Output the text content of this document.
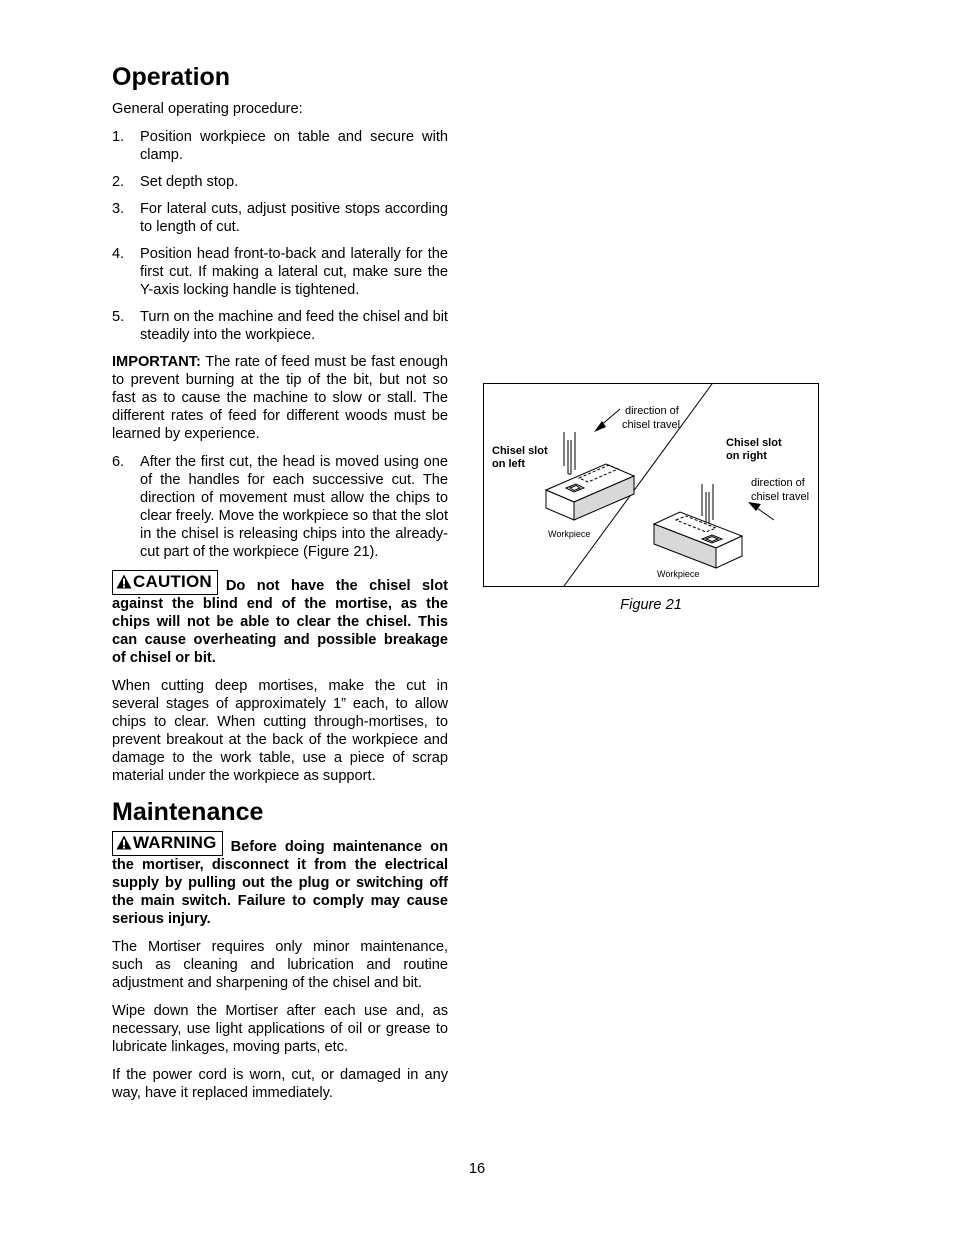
Operation

General operating procedure:

1. Position workpiece on table and secure with clamp.
2. Set depth stop.
3. For lateral cuts, adjust positive stops according to length of cut.
4. Position head front-to-back and laterally for the first cut. If making a lateral cut, make sure the Y-axis locking handle is tightened.
5. Turn on the machine and feed the chisel and bit steadily into the workpiece.

IMPORTANT: The rate of feed must be fast enough to prevent burning at the tip of the bit, but not so fast as to cause the machine to slow or stall. The different rates of feed for different woods must be learned by experience.

6. After the first cut, the head is moved using one of the handles for each successive cut. The direction of movement must allow the chips to clear freely. Move the workpiece so that the slot in the chisel is releasing chips into the already-cut part of the workpiece (Figure 21).
CAUTION Do not have the chisel slot against the blind end of the mortise, as the chips will not be able to clear the chisel. This can cause overheating and possible breakage of chisel or bit.

When cutting deep mortises, make the cut in several stages of approximately 1” each, to allow chips to clear. When cutting through-mortises, to prevent breakout at the back of the workpiece and damage to the work table, use a piece of scrap material under the workpiece as support.

Maintenance
WARNING Before doing maintenance on the mortiser, disconnect it from the electrical supply by pulling out the plug or switching off the main switch. Failure to comply may cause serious injury.

The Mortiser requires only minor maintenance, such as cleaning and lubrication and routine adjustment and sharpening of the chisel and bit.

Wipe down the Mortiser after each use and, as necessary, use light applications of oil or grease to lubricate linkages, moving parts, etc.

If the power cord is worn, cut, or damaged in any way, have it replaced immediately.

direction of
chisel travel
Chisel slot
on left
Chisel slot
on right
direction of
chisel travel
Workpiece
Workpiece
Figure 21
16
